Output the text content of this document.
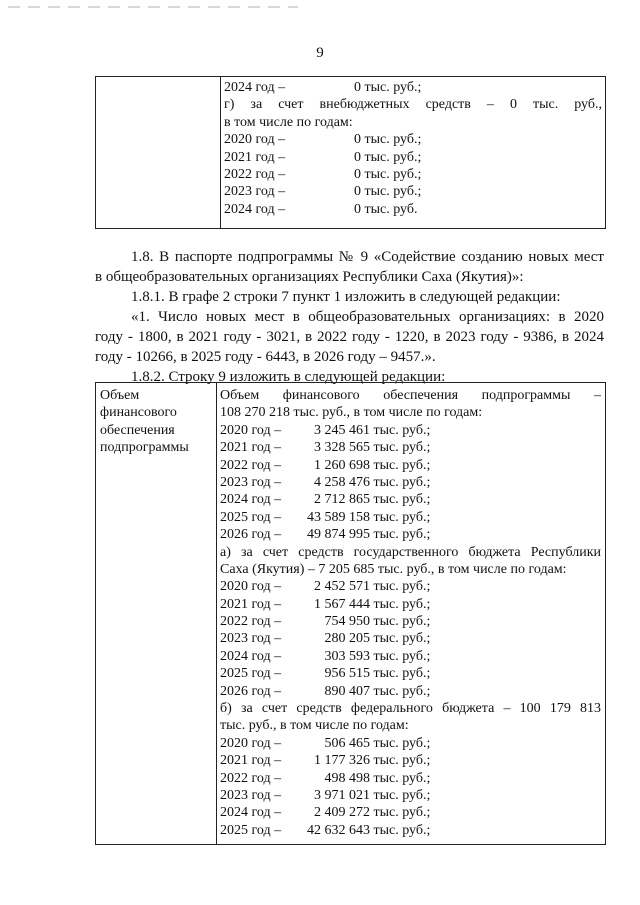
9
2024 год –	0 тыс. руб.;
г) за счет внебюджетных средств – 0 тыс. руб.,
в том числе по годам:
2020 год –	0 тыс. руб.;
2021 год –	0 тыс. руб.;
2022 год –	0 тыс. руб.;
2023 год –	0 тыс. руб.;
2024 год –	0 тыс. руб.
1.8. В паспорте подпрограммы № 9 «Содействие созданию новых мест
в общеобразовательных организациях Республики Саха (Якутия)»:
1.8.1. В графе 2 строки 7 пункт 1 изложить в следующей редакции:
«1. Число новых мест в общеобразовательных организациях: в 2020
году - 1800, в 2021 году - 3021, в 2022 году - 1220, в 2023 году - 9386, в 2024
году - 10266, в 2025 году - 6443, в 2026 году – 9457.».
1.8.2. Строку 9 изложить в следующей редакции:
Объем
финансового
обеспечения
подпрограммы
Объем финансового обеспечения подпрограммы –
108 270 218 тыс. руб., в том числе по годам:
2020 год – 3 245 461 тыс. руб.;
2021 год – 3 328 565 тыс. руб.;
2022 год – 1 260 698 тыс. руб.;
2023 год – 4 258 476 тыс. руб.;
2024 год – 2 712 865 тыс. руб.;
2025 год – 43 589 158 тыс. руб.;
2026 год – 49 874 995 тыс. руб.;
а) за счет средств государственного бюджета Республики
Саха (Якутия) – 7 205 685 тыс. руб., в том числе по годам:
2020 год – 2 452 571 тыс. руб.;
2021 год – 1 567 444 тыс. руб.;
2022 год –	754 950 тыс. руб.;
2023 год –	280 205 тыс. руб.;
2024 год –	303 593 тыс. руб.;
2025 год –	956 515 тыс. руб.;
2026 год –	890 407 тыс. руб.;
б) за счет средств федерального бюджета – 100 179 813
тыс. руб., в том числе по годам:
2020 год –	506 465 тыс. руб.;
2021 год – 1 177 326 тыс. руб.;
2022 год –	498 498 тыс. руб.;
2023 год – 3 971 021 тыс. руб.;
2024 год – 2 409 272 тыс. руб.;
2025 год – 42 632 643 тыс. руб.;
